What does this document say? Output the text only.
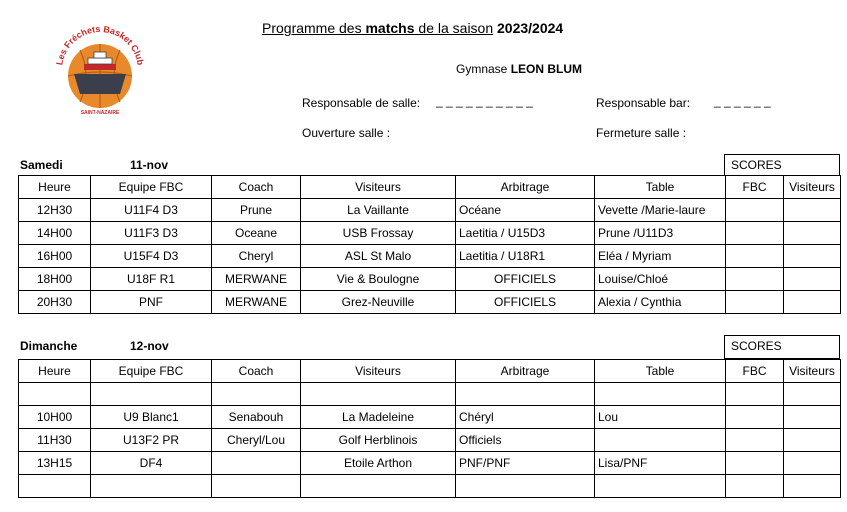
Les Fréchets Basket Club
SAINT-NAZAIRE
Programme des matchs de la saison 2023/2024
Gymnase LEON BLUM
Responsable de salle: _ _ _ _ _ _ _ _ _ _	Responsable bar: _ _ _ _ _ _
Ouverture salle :	Fermeture salle :
Samedi	11-nov	SCORES
Heure	Equipe FBC	Coach	Visiteurs	Arbitrage	Table	FBC	Visiteurs
12H30	U11F4 D3	Prune	La Vaillante	Océane	Vevette /Marie-laure		
14H00	U11F3 D3	Oceane	USB Frossay	Laetitia / U15D3	Prune /U11D3		
16H00	U15F4 D3	Cheryl	ASL St Malo	Laetitia / U18R1	Eléa / Myriam		
18H00	U18F R1	MERWANE	Vie & Boulogne	OFFICIELS	Louise/Chloé		
20H30	PNF	MERWANE	Grez-Neuville	OFFICIELS	Alexia / Cynthia		
Dimanche	12-nov	SCORES
Heure	Equipe FBC	Coach	Visiteurs	Arbitrage	Table	FBC	Visiteurs

10H00	U9 Blanc1	Senabouh	La Madeleine	Chéryl	Lou		
11H30	U13F2 PR	Cheryl/Lou	Golf Herblinois	Officiels			
13H15	DF4		Etoile Arthon	PNF/PNF	Lisa/PNF		
